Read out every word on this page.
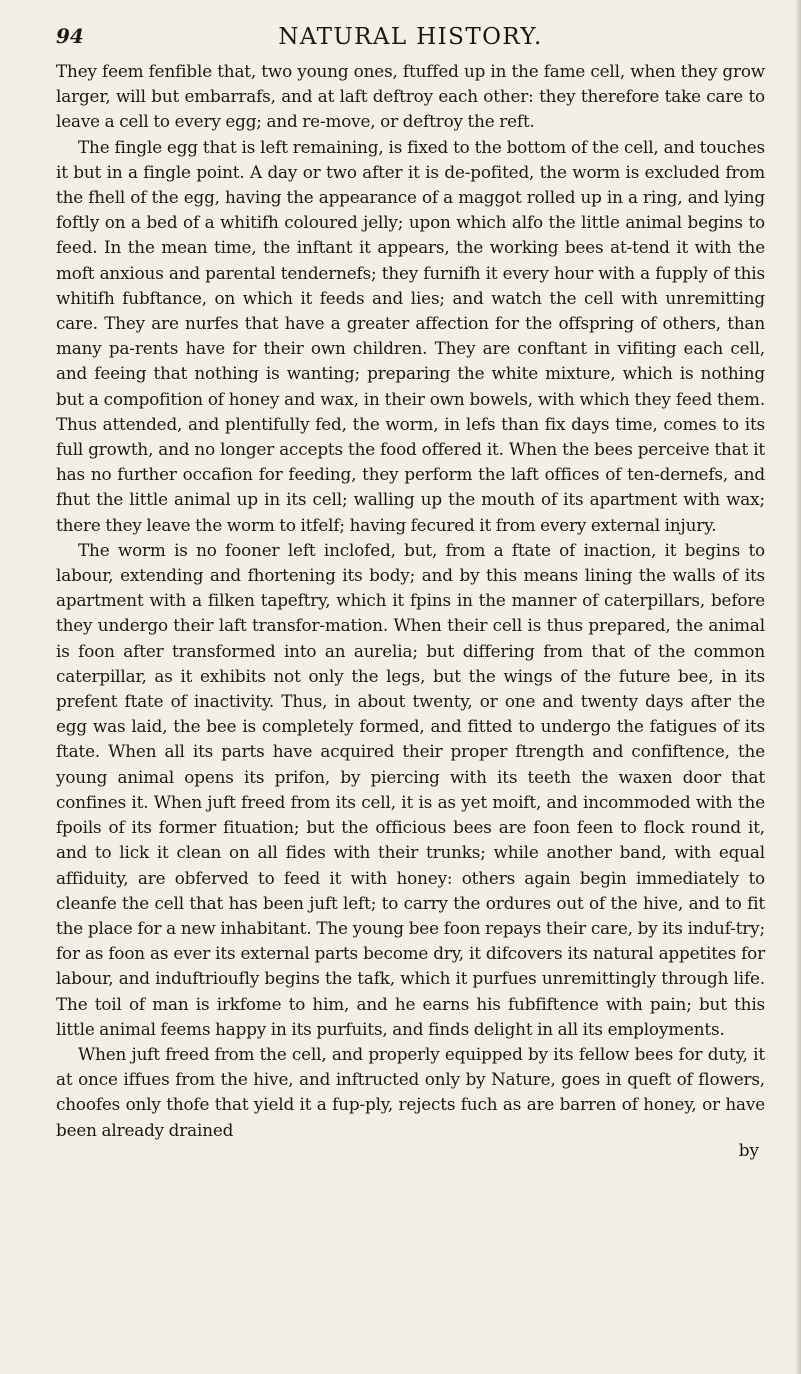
94	NATURAL HISTORY.

They feem fenfible that, two young ones, ftuffed up in the fame cell, when they grow larger, will but embarrafs, and at laft deftroy each other: they therefore take care to leave a cell to every egg; and re-move, or deftroy the reft.

The fingle egg that is left remaining, is fixed to the bottom of the cell, and touches it but in a fingle point. A day or two after it is de-pofited, the worm is excluded from the fhell of the egg, having the appearance of a maggot rolled up in a ring, and lying foftly on a bed of a whitifh coloured jelly; upon which alfo the little animal begins to feed. In the mean time, the inftant it appears, the working bees at-tend it with the moft anxious and parental tendernefs; they furnifh it every hour with a fupply of this whitifh fubftance, on which it feeds and lies; and watch the cell with unremitting care. They are nurfes that have a greater affection for the offspring of others, than many pa-rents have for their own children. They are conftant in vifiting each cell, and feeing that nothing is wanting; preparing the white mixture, which is nothing but a compofition of honey and wax, in their own bowels, with which they feed them. Thus attended, and plentifully fed, the worm, in lefs than fix days time, comes to its full growth, and no longer accepts the food offered it. When the bees perceive that it has no further occafion for feeding, they perform the laft offices of ten-dernefs, and fhut the little animal up in its cell; walling up the mouth of its apartment with wax; there they leave the worm to itfelf; having fecured it from every external injury.

The worm is no fooner left inclofed, but, from a ftate of inaction, it begins to labour, extending and fhortening its body; and by this means lining the walls of its apartment with a filken tapeftry, which it fpins in the manner of caterpillars, before they undergo their laft transfor-mation. When their cell is thus prepared, the animal is foon after transformed into an aurelia; but differing from that of the common caterpillar, as it exhibits not only the legs, but the wings of the future bee, in its prefent ftate of inactivity. Thus, in about twenty, or one and twenty days after the egg was laid, the bee is completely formed, and fitted to undergo the fatigues of its ftate. When all its parts have acquired their proper ftrength and confiftence, the young animal opens its prifon, by piercing with its teeth the waxen door that confines it. When juft freed from its cell, it is as yet moift, and incommoded with the fpoils of its former fituation; but the officious bees are foon feen to flock round it, and to lick it clean on all fides with their trunks; while another band, with equal affiduity, are obferved to feed it with honey: others again begin immediately to cleanfe the cell that has been juft left; to carry the ordures out of the hive, and to fit the place for a new inhabitant. The young bee foon repays their care, by its induf-try; for as foon as ever its external parts become dry, it difcovers its natural appetites for labour, and induftrioufly begins the tafk, which it purfues unremittingly through life. The toil of man is irkfome to him, and he earns his fubfiftence with pain; but this little animal feems happy in its purfuits, and finds delight in all its employments.

When juft freed from the cell, and properly equipped by its fellow bees for duty, it at once iffues from the hive, and inftructed only by Nature, goes in queft of flowers, choofes only thofe that yield it a fup-ply, rejects fuch as are barren of honey, or have been already drained

by
